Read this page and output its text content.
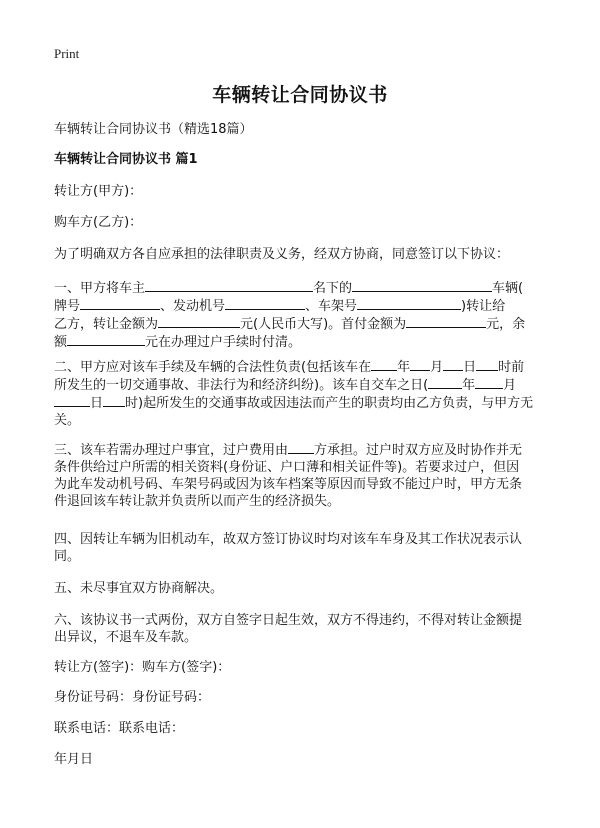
Print
车辆转让合同协议书
车辆转让合同协议书（精选18篇）
车辆转让合同协议书 篇1
转让方(甲方)：
购车方(乙方)：
为了明确双方各自应承担的法律职责及义务，经双方协商，同意签订以下协议：
一、甲方将车主	名下的	车辆(
牌号	、发动机号	、车架号	)转让给
乙方，转让金额为	元(人民币大写)。首付金额为	元，余
额	元在办理过户手续时付清。
二、甲方应对该车手续及车辆的合法性负责(包括该车在 年 月 日 时前
所发生的一切交通事故、非法行为和经济纠纷)。该车自交车之日(	年 月
日 时)起所发生的交通事故或因违法而产生的职责均由乙方负责，与甲方无
关。
三、该车若需办理过户事宜，过户费用由 方承担。过户时双方应及时协作并无
条件供给过户所需的相关资料(身份证、户口薄和相关证件等)。若要求过户，但因
为此车发动机号码、车架号码或因为该车档案等原因而导致不能过户时，甲方无条
件退回该车转让款并负责所以而产生的经济损失。
四、因转让车辆为旧机动车，故双方签订协议时均对该车车身及其工作状况表示认
同。
五、未尽事宜双方协商解决。
六、该协议书一式两份，双方自签字日起生效，双方不得违约，不得对转让金额提
出异议，不退车及车款。
转让方(签字)：购车方(签字)：
身份证号码：身份证号码：
联系电话：联系电话：
年月日
